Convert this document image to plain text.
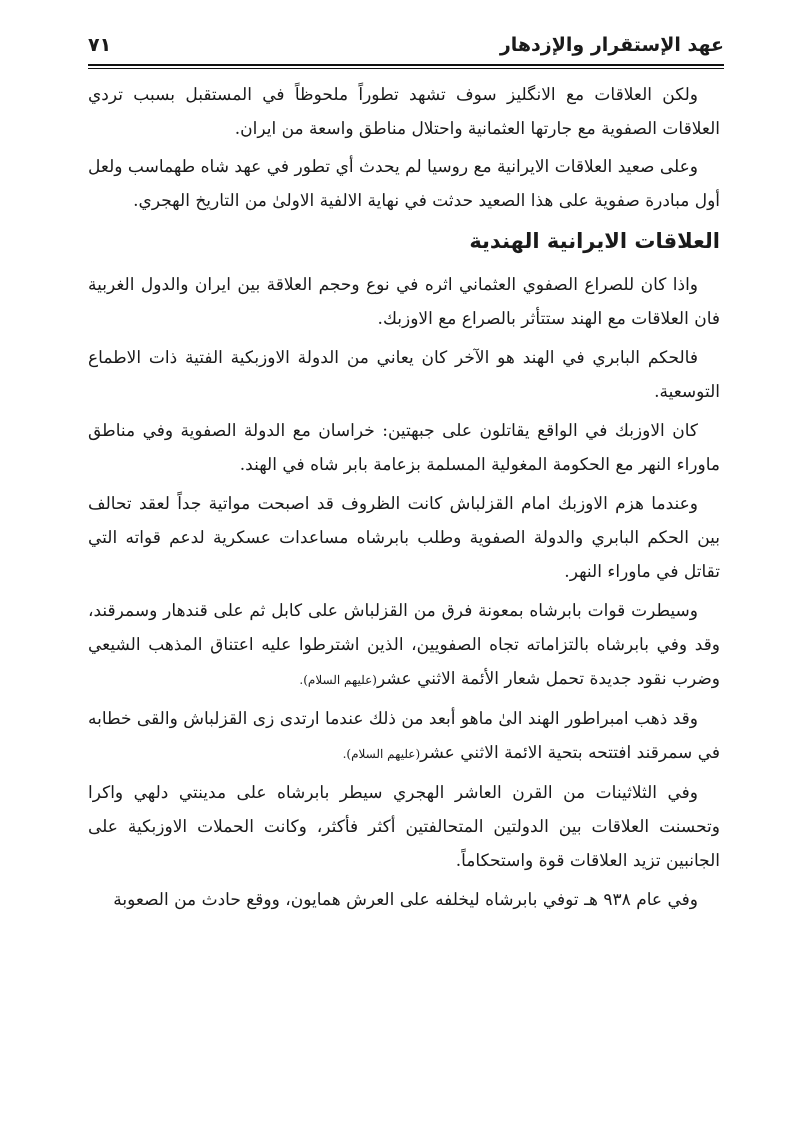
عهد الإستقرار والإزدهار
٧١

ولكن العلاقات مع الانگليز سوف تشهد تطوراً ملحوظاً في المستقبل بسبب تردي العلاقات الصفوية مع جارتها العثمانية واحتلال مناطق واسعة من ايران.

وعلى صعيد العلاقات الايرانية مع روسيا لم يحدث أي تطور في عهد شاه طهماسب ولعل أول مبادرة صفوية على هذا الصعيد حدثت في نهاية الالفية الاولىٰ من التاريخ الهجري.

العلاقات الايرانية الهندية

واذا كان للصراع الصفوي العثماني اثره في نوع وحجم العلاقة بين ايران والدول الغربية فان العلاقات مع الهند ستتأثر بالصراع مع الاوزبك.

فالحكم البابري في الهند هو الآخر كان يعاني من الدولة الاوزبكية الفتية ذات الاطماع التوسعية.

كان الاوزبك في الواقع يقاتلون على جبهتين: خراسان مع الدولة الصفوية وفي مناطق ماوراء النهر مع الحكومة المغولية المسلمة بزعامة بابر شاه في الهند.

وعندما هزم الاوزبك امام القزلباش كانت الظروف قد اصبحت مواتية جداً لعقد تحالف بين الحكم البابري والدولة الصفوية وطلب بابرشاه مساعدات عسكرية لدعم قواته التي تقاتل في ماوراء النهر.

وسيطرت قوات بابرشاه بمعونة فرق من القزلباش على كابل ثم على قندهار وسمرقند، وقد وفي بابرشاه بالتزاماته تجاه الصفويين، الذين اشترطوا عليه اعتناق المذهب الشيعي وضرب نقود جديدة تحمل شعار الأئمة الاثني عشر(عليهم السلام).

وقد ذهب امبراطور الهند الىٰ ماهو أبعد من ذلك عندما ارتدى زى القزلباش والقى خطابه في سمرقند افتتحه بتحية الائمة الاثني عشر(عليهم السلام).

وفي الثلاثينات من القرن العاشر الهجري سيطر بابرشاه على مدينتي دلهي واكرا وتحسنت العلاقات بين الدولتين المتحالفتين أكثر فأكثر، وكانت الحملات الاوزبكية على الجانبين تزيد العلاقات قوة واستحكاماً.

وفي عام ٩٣٨ هـ توفي بابرشاه ليخلفه على العرش همايون، ووقع حادث من الصعوبة
